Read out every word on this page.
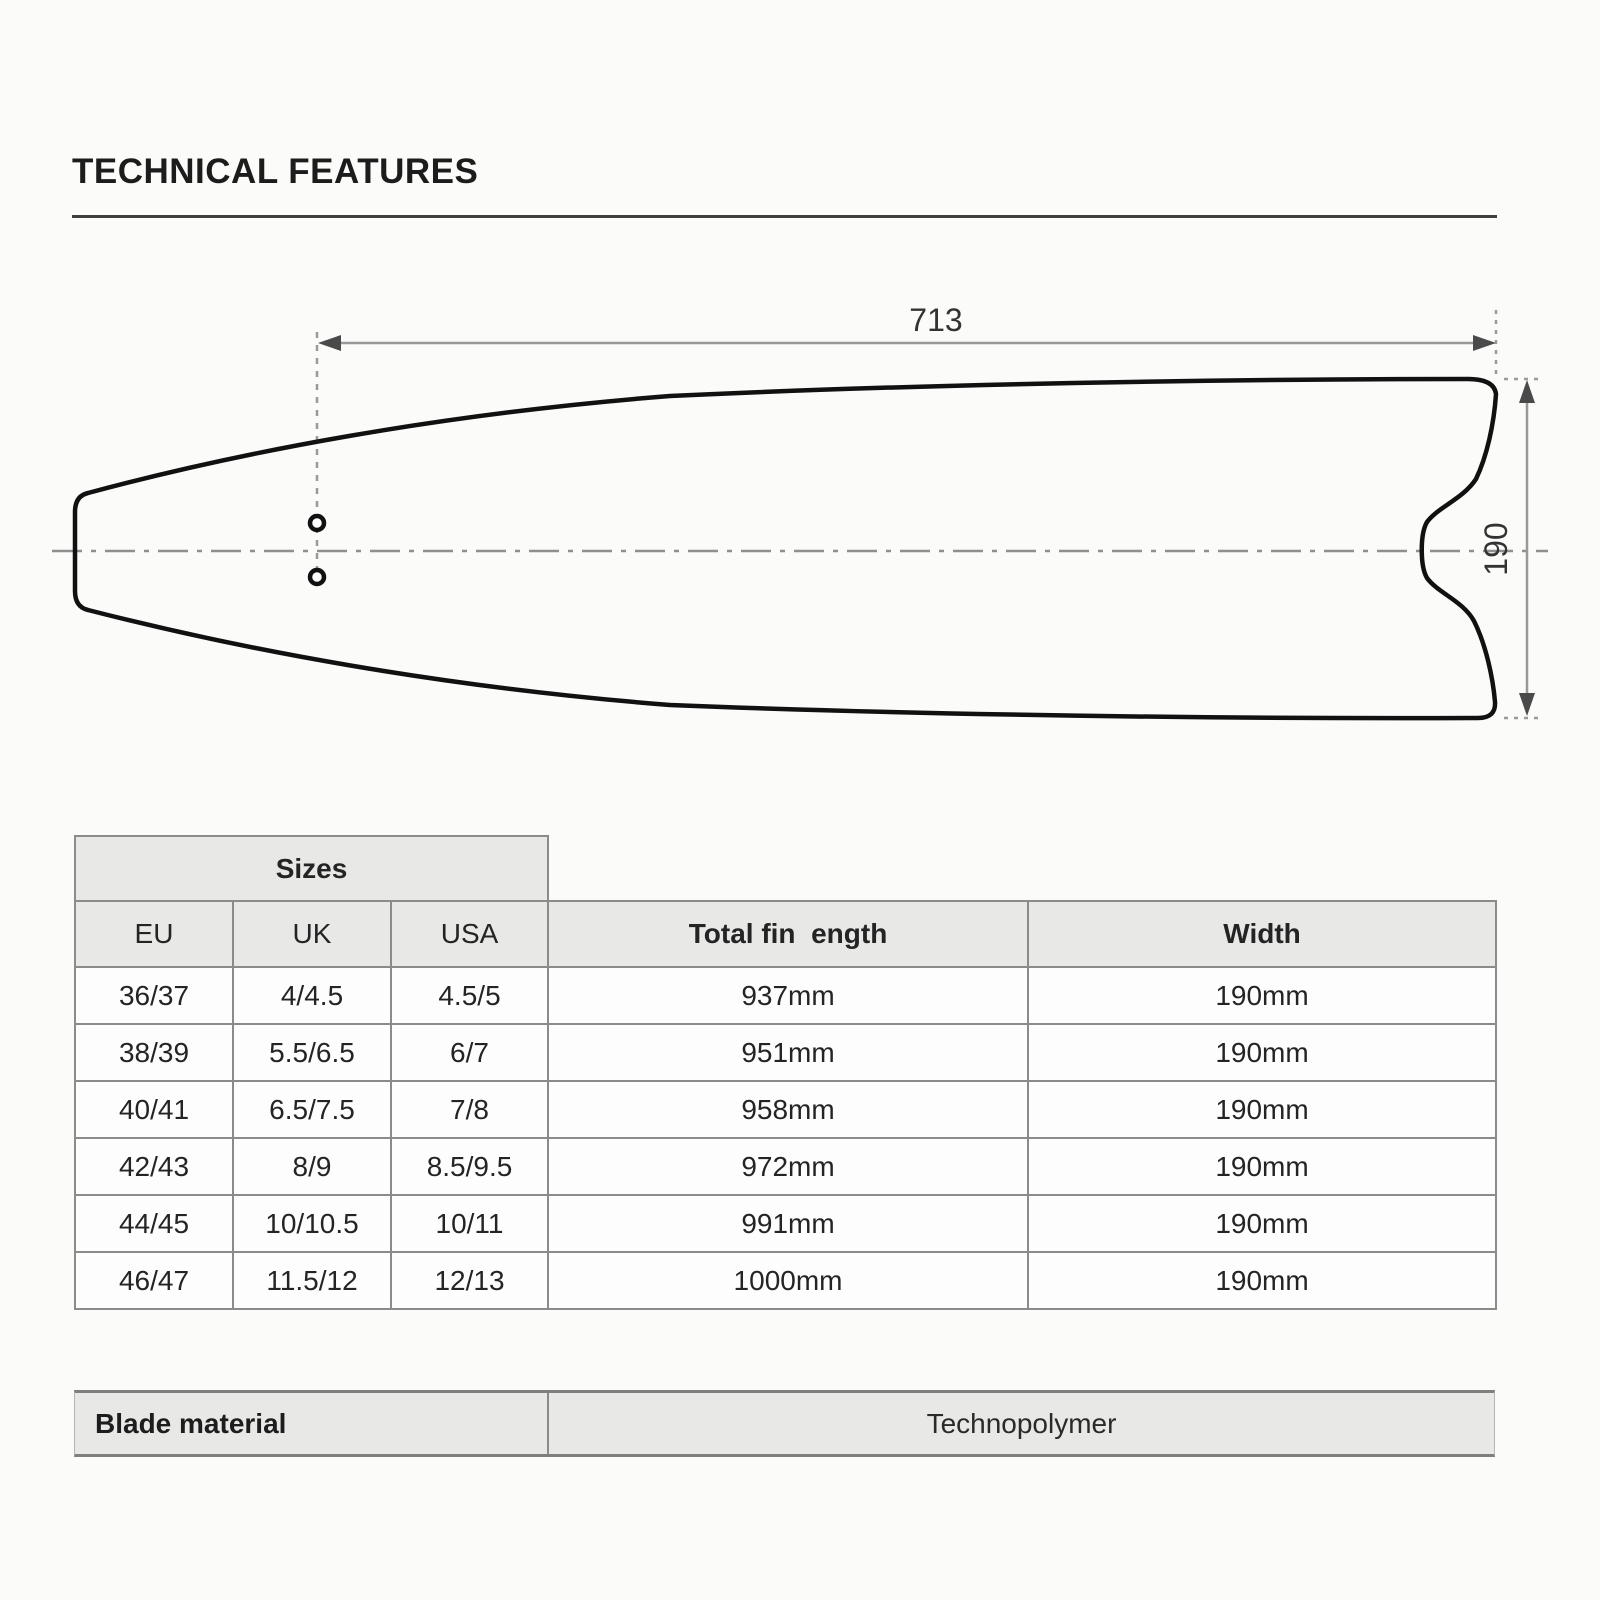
TECHNICAL FEATURES
713
190
Sizes				
EU	UK	USA	Total fin  ength	Width
36/37	4/4.5	4.5/5	937mm	190mm
38/39	5.5/6.5	6/7	951mm	190mm
40/41	6.5/7.5	7/8	958mm	190mm
42/43	8/9	8.5/9.5	972mm	190mm
44/45	10/10.5	10/11	991mm	190mm
46/47	11.5/12	12/13	1000mm	190mm
Blade material	Technopolymer
